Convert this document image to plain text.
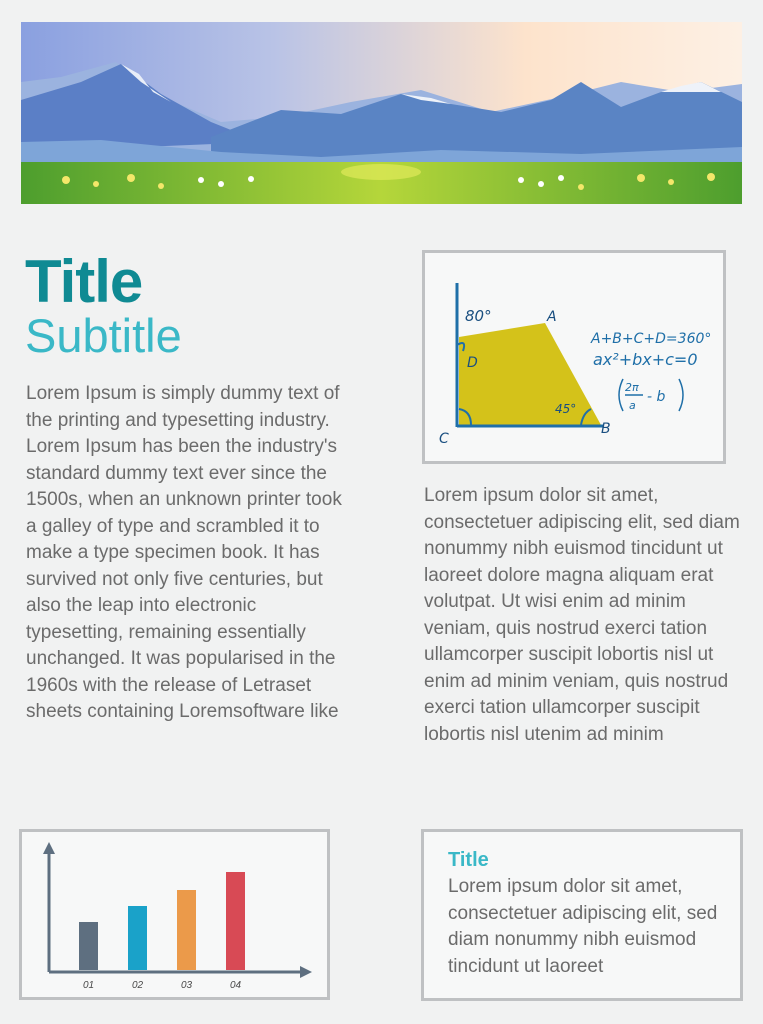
Title
Subtitle
Lorem Ipsum is simply dummy text of the printing and typesetting industry. Lorem Ipsum has been the industry's standard dummy text ever since the 1500s, when an unknown printer took a galley of type and scrambled it to make a type specimen book. It has survived not only five centuries, but also the leap into electronic typesetting, remaining essentially unchanged. It was popularised in the 1960s with the release of Letraset sheets containing Loremsoftware like
80°	A
D
45°
C
B
A+B+C+D=360°
ax²+bx+c=0
2π
a
- b
Lorem ipsum dolor sit amet, consectetuer adipiscing elit, sed diam nonummy nibh euismod tincidunt ut laoreet dolore magna aliquam erat volutpat. Ut wisi enim ad minim veniam, quis nostrud exerci tation ullamcorper suscipit lobortis nisl ut enim ad minim veniam, quis nostrud exerci tation ullamcorper suscipit lobortis nisl utenim ad minim
01	02	03	04
Title
Lorem ipsum dolor sit amet, consectetuer adipiscing elit, sed diam nonummy nibh euismod tincidunt ut laoreet
